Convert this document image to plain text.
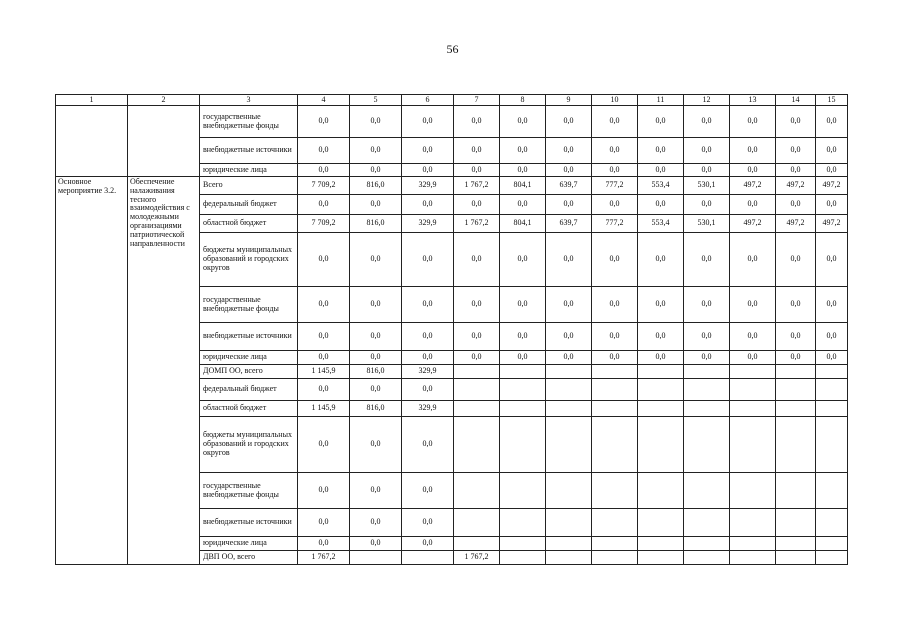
56
1	2	3	4	5	6	7	8	9	10	11	12	13	14	15
		государственные внебюджетные фонды	0,0	0,0	0,0	0,0	0,0	0,0	0,0	0,0	0,0	0,0	0,0	0,0
		внебюджетные источники	0,0	0,0	0,0	0,0	0,0	0,0	0,0	0,0	0,0	0,0	0,0	0,0
		юридические лица	0,0	0,0	0,0	0,0	0,0	0,0	0,0	0,0	0,0	0,0	0,0	0,0

Основное мероприятие 3.2.	Обеспечение налаживания тесного взаимодействия с молодежными организациями патриотической направленности	Всего	7 709,2	816,0	329,9	1 767,2	804,1	639,7	777,2	553,4	530,1	497,2	497,2	497,2
		федеральный бюджет	0,0	0,0	0,0	0,0	0,0	0,0	0,0	0,0	0,0	0,0	0,0	0,0
		областной бюджет	7 709,2	816,0	329,9	1 767,2	804,1	639,7	777,2	553,4	530,1	497,2	497,2	497,2
		бюджеты муниципальных образований и городских округов	0,0	0,0	0,0	0,0	0,0	0,0	0,0	0,0	0,0	0,0	0,0	0,0
		государственные внебюджетные фонды	0,0	0,0	0,0	0,0	0,0	0,0	0,0	0,0	0,0	0,0	0,0	0,0
		внебюджетные источники	0,0	0,0	0,0	0,0	0,0	0,0	0,0	0,0	0,0	0,0	0,0	0,0
		юридические лица	0,0	0,0	0,0	0,0	0,0	0,0	0,0	0,0	0,0	0,0	0,0	0,0
		ДОМП ОО, всего	1 145,9	816,0	329,9									
		федеральный бюджет	0,0	0,0	0,0									
		областной бюджет	1 145,9	816,0	329,9									
		бюджеты муниципальных образований и городских округов	0,0	0,0	0,0									
		государственные внебюджетные фонды	0,0	0,0	0,0									
		внебюджетные источники	0,0	0,0	0,0									
		юридические лица	0,0	0,0	0,0									
		ДВП ОО, всего	1 767,2			1 767,2								
